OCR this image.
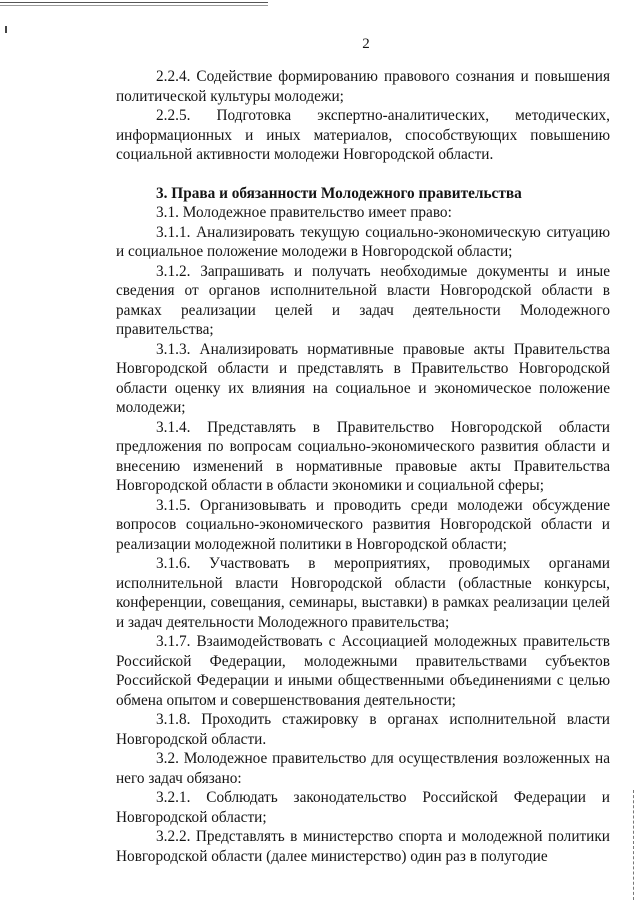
2

2.2.4. Содействие формированию правового сознания и повышения политической культуры молодежи;

2.2.5. Подготовка экспертно-аналитических, методических, информационных и иных материалов, способствующих повышению социальной активности молодежи Новгородской области.

3. Права и обязанности Молодежного правительства

3.1. Молодежное правительство имеет право:

3.1.1. Анализировать текущую социально-экономическую ситуацию и социальное положение молодежи в Новгородской области;

3.1.2. Запрашивать и получать необходимые документы и иные сведения от органов исполнительной власти Новгородской области в рамках реализации целей и задач деятельности Молодежного правительства;

3.1.3. Анализировать нормативные правовые акты Правительства Новгородской области и представлять в Правительство Новгородской области оценку их влияния на социальное и экономическое положение молодежи;

3.1.4. Представлять в Правительство Новгородской области предложения по вопросам социально-экономического развития области и внесению изменений в нормативные правовые акты Правительства Новгородской области в области экономики и социальной сферы;

3.1.5. Организовывать и проводить среди молодежи обсуждение вопросов социально-экономического развития Новгородской области и реализации молодежной политики в Новгородской области;

3.1.6. Участвовать в мероприятиях, проводимых органами исполнительной власти Новгородской области (областные конкурсы, конференции, совещания, семинары, выставки) в рамках реализации целей и задач деятельности Молодежного правительства;

3.1.7. Взаимодействовать с Ассоциацией молодежных правительств Российской Федерации, молодежными правительствами субъектов Российской Федерации и иными общественными объединениями с целью обмена опытом и совершенствования деятельности;

3.1.8. Проходить стажировку в органах исполнительной власти Новгородской области.

3.2. Молодежное правительство для осуществления возложенных на него задач обязано:

3.2.1. Соблюдать законодательство Российской Федерации и Новгородской области;

3.2.2. Представлять в министерство спорта и молодежной политики Новгородской области (далее министерство) один раз в полугодие
